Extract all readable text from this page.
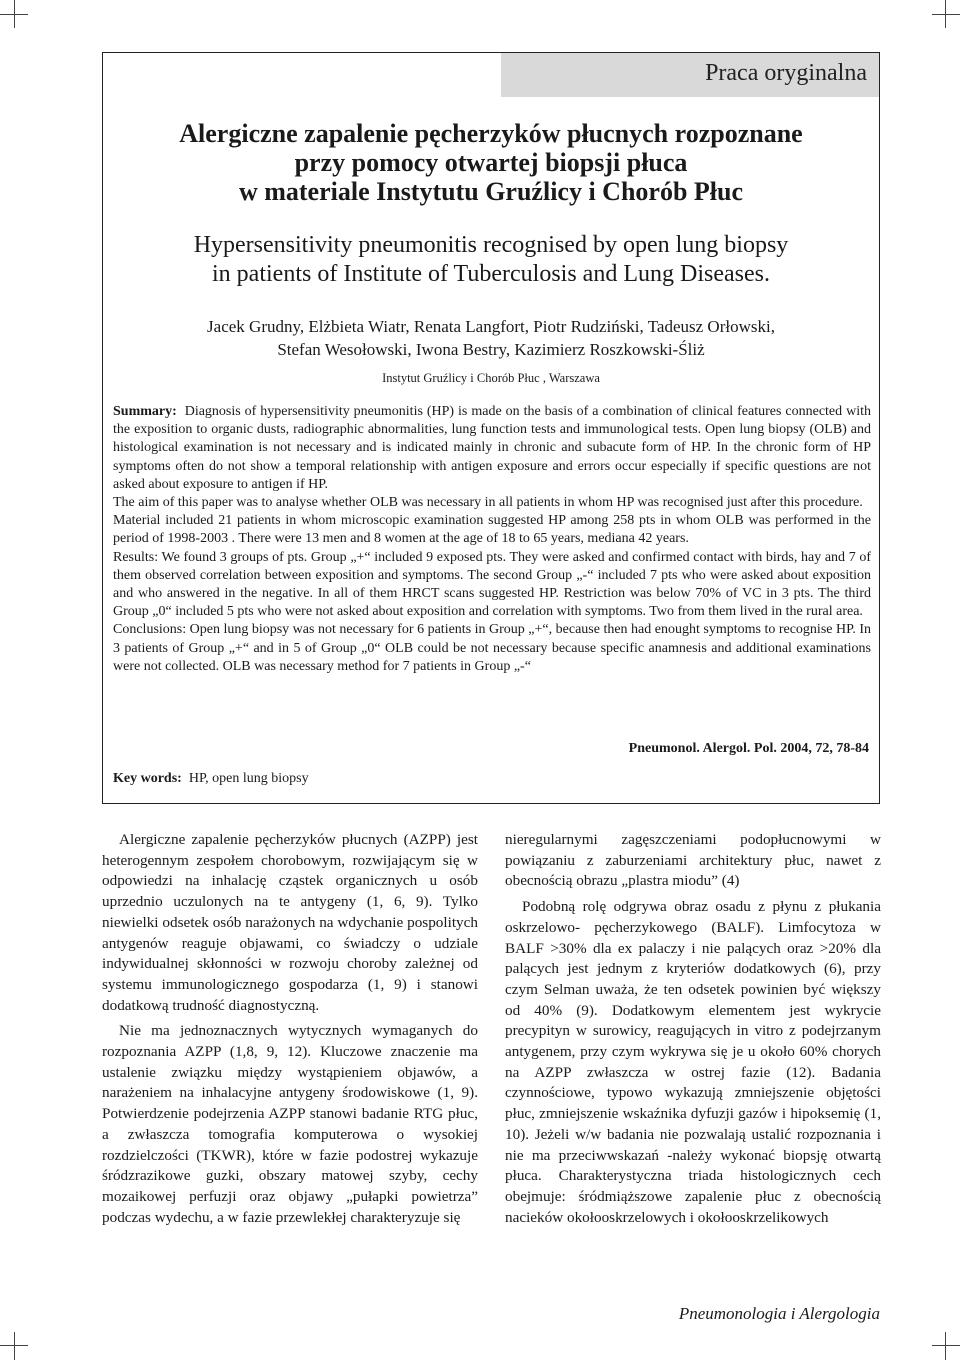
Praca oryginalna
Alergiczne zapalenie pęcherzyków płucnych rozpoznane
przy pomocy otwartej biopsji płuca
w materiale Instytutu Gruźlicy i Chorób Płuc
Hypersensitivity pneumonitis recognised by open lung biopsy
in patients of Institute of Tuberculosis and Lung Diseases.
Jacek Grudny, Elżbieta Wiatr, Renata Langfort, Piotr Rudziński, Tadeusz Orłowski,
Stefan Wesołowski, Iwona Bestry, Kazimierz Roszkowski-Śliż
Instytut Gruźlicy i Chorób Płuc , Warszawa

Summary: Diagnosis of hypersensitivity pneumonitis (HP) is made on the basis of a combination of clinical features connected with the exposition to organic dusts, radiographic abnormalities, lung function tests and immunological tests. Open lung biopsy (OLB) and histological examination is not necessary and is indicated mainly in chronic and subacute form of HP. In the chronic form of HP symptoms often do not show a temporal relationship with antigen exposure and errors occur especially if specific questions are not asked about exposure to antigen if HP.

The aim of this paper was to analyse whether OLB was necessary in all patients in whom HP was recognised just after this procedure.

Material included 21 patients in whom microscopic examination suggested HP among 258 pts in whom OLB was performed in the period of 1998-2003 . There were 13 men and 8 women at the age of 18 to 65 years, mediana 42 years.

Results: We found 3 groups of pts. Group „+“ included 9 exposed pts. They were asked and confirmed contact with birds, hay and 7 of them observed correlation between exposition and symptoms. The second Group „-“ included 7 pts who were asked about exposition and who answered in the negative. In all of them HRCT scans suggested HP. Restriction was below 70% of VC in 3 pts. The third Group „0“ included 5 pts who were not asked about exposition and correlation with symptoms. Two from them lived in the rural area.

Conclusions: Open lung biopsy was not necessary for 6 patients in Group „+“, because then had enought symptoms to recognise HP. In 3 patients of Group „+“ and in 5 of Group „0“ OLB could be not necessary because specific anamnesis and additional examinations were not collected. OLB was necessary method for 7 patients in Group „-“

Pneumonol. Alergol. Pol. 2004, 72, 78-84
Key words: HP, open lung biopsy

Alergiczne zapalenie pęcherzyków płucnych (AZPP) jest heterogennym zespołem chorobowym, rozwijającym się w odpowiedzi na inhalację cząstek organicznych u osób uprzednio uczulonych na te antygeny (1, 6, 9). Tylko niewielki odsetek osób narażonych na wdychanie pospolitych antygenów reaguje objawami, co świadczy o udziale indywidualnej skłonności w rozwoju choroby zależnej od systemu immunologicznego gospodarza (1, 9) i stanowi dodatkową trudność diagnostyczną.

Nie ma jednoznacznych wytycznych wymaganych do rozpoznania AZPP (1,8, 9, 12). Kluczowe znaczenie ma ustalenie związku między wystąpieniem objawów, a narażeniem na inhalacyjne antygeny środowiskowe (1, 9). Potwierdzenie podejrzenia AZPP stanowi badanie RTG płuc, a zwłaszcza tomografia komputerowa o wysokiej rozdzielczości (TKWR), które w fazie podostrej wykazuje śródzrazikowe guzki, obszary matowej szyby, cechy mozaikowej perfuzji oraz objawy „pułapki powietrza” podczas wydechu, a w fazie przewlekłej charakteryzuje się

nieregularnymi zagęszczeniami podopłucnowymi w powiązaniu z zaburzeniami architektury płuc, nawet z obecnością obrazu „plastra miodu” (4)

Podobną rolę odgrywa obraz osadu z płynu z płukania oskrzelowo- pęcherzykowego (BALF). Limfocytoza w BALF >30% dla ex palaczy i nie palących oraz >20% dla palących jest jednym z kryteriów dodatkowych (6), przy czym Selman uważa, że ten odsetek powinien być większy od 40% (9). Dodatkowym elementem jest wykrycie precypityn w surowicy, reagujących in vitro z podejrzanym antygenem, przy czym wykrywa się je u około 60% chorych na AZPP zwłaszcza w ostrej fazie (12). Badania czynnościowe, typowo wykazują zmniejszenie objętości płuc, zmniejszenie wskaźnika dyfuzji gazów i hipoksemię (1, 10). Jeżeli w/w badania nie pozwalają ustalić rozpoznania i nie ma przeciwwskazań -należy wykonać biopsję otwartą płuca. Charakterystyczna triada histologicznych cech obejmuje: śródmiąższowe zapalenie płuc z obecnością nacieków okołooskrzelowych i okołooskrzelikowych

Pneumonologia i Alergologia
